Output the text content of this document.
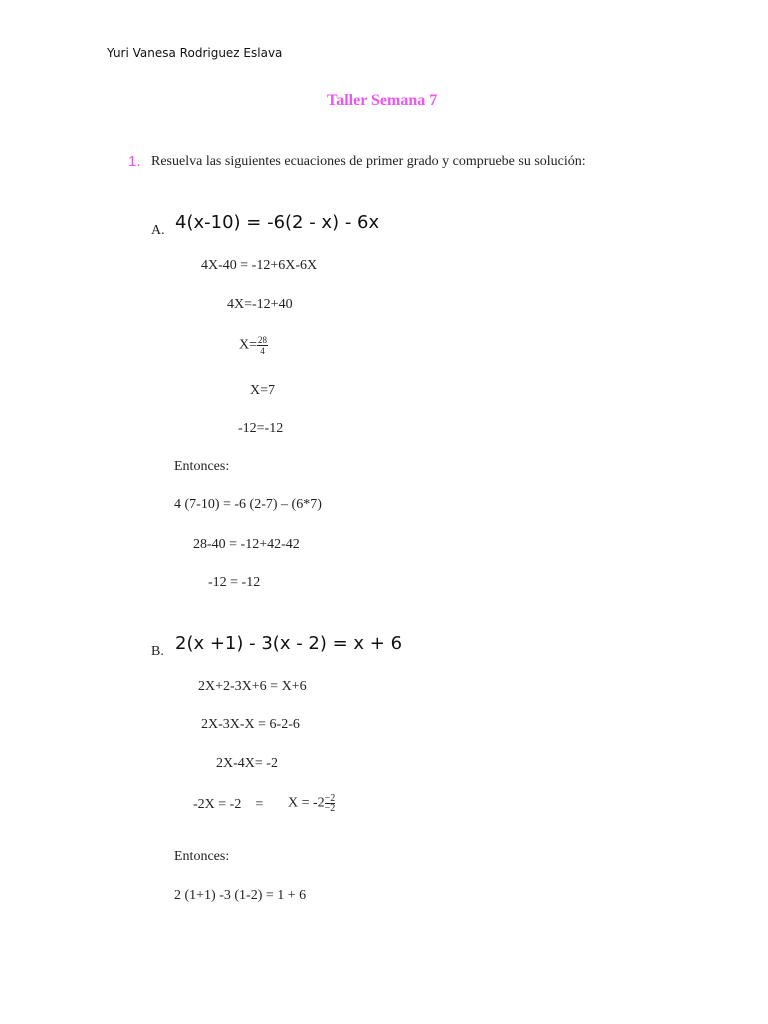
Yuri Vanesa Rodriguez Eslava
Taller Semana 7
1. Resuelva las siguientes ecuaciones de primer grado y compruebe su solución:
A. 4(x-10) = -6(2 - x) - 6x
4X-40 = -12+6X-6X
4X=-12+40
$X= \frac{28}{4}$
X=7
-12=-12
Entonces:
4 (7-10) = -6 (2-7) – (6*7)
28-40 = -12+42-42
-12 = -12
B. 2(x +1) - 3(x - 2) = x + 6
2X+2-3X+6 = X+6
2X-3X-X = 6-2-6
2X-4X= -2
-2X = -2    = $X = -2 \frac{-2}{-2}$
Entonces:
2 (1+1) -3 (1-2) = 1 + 6
